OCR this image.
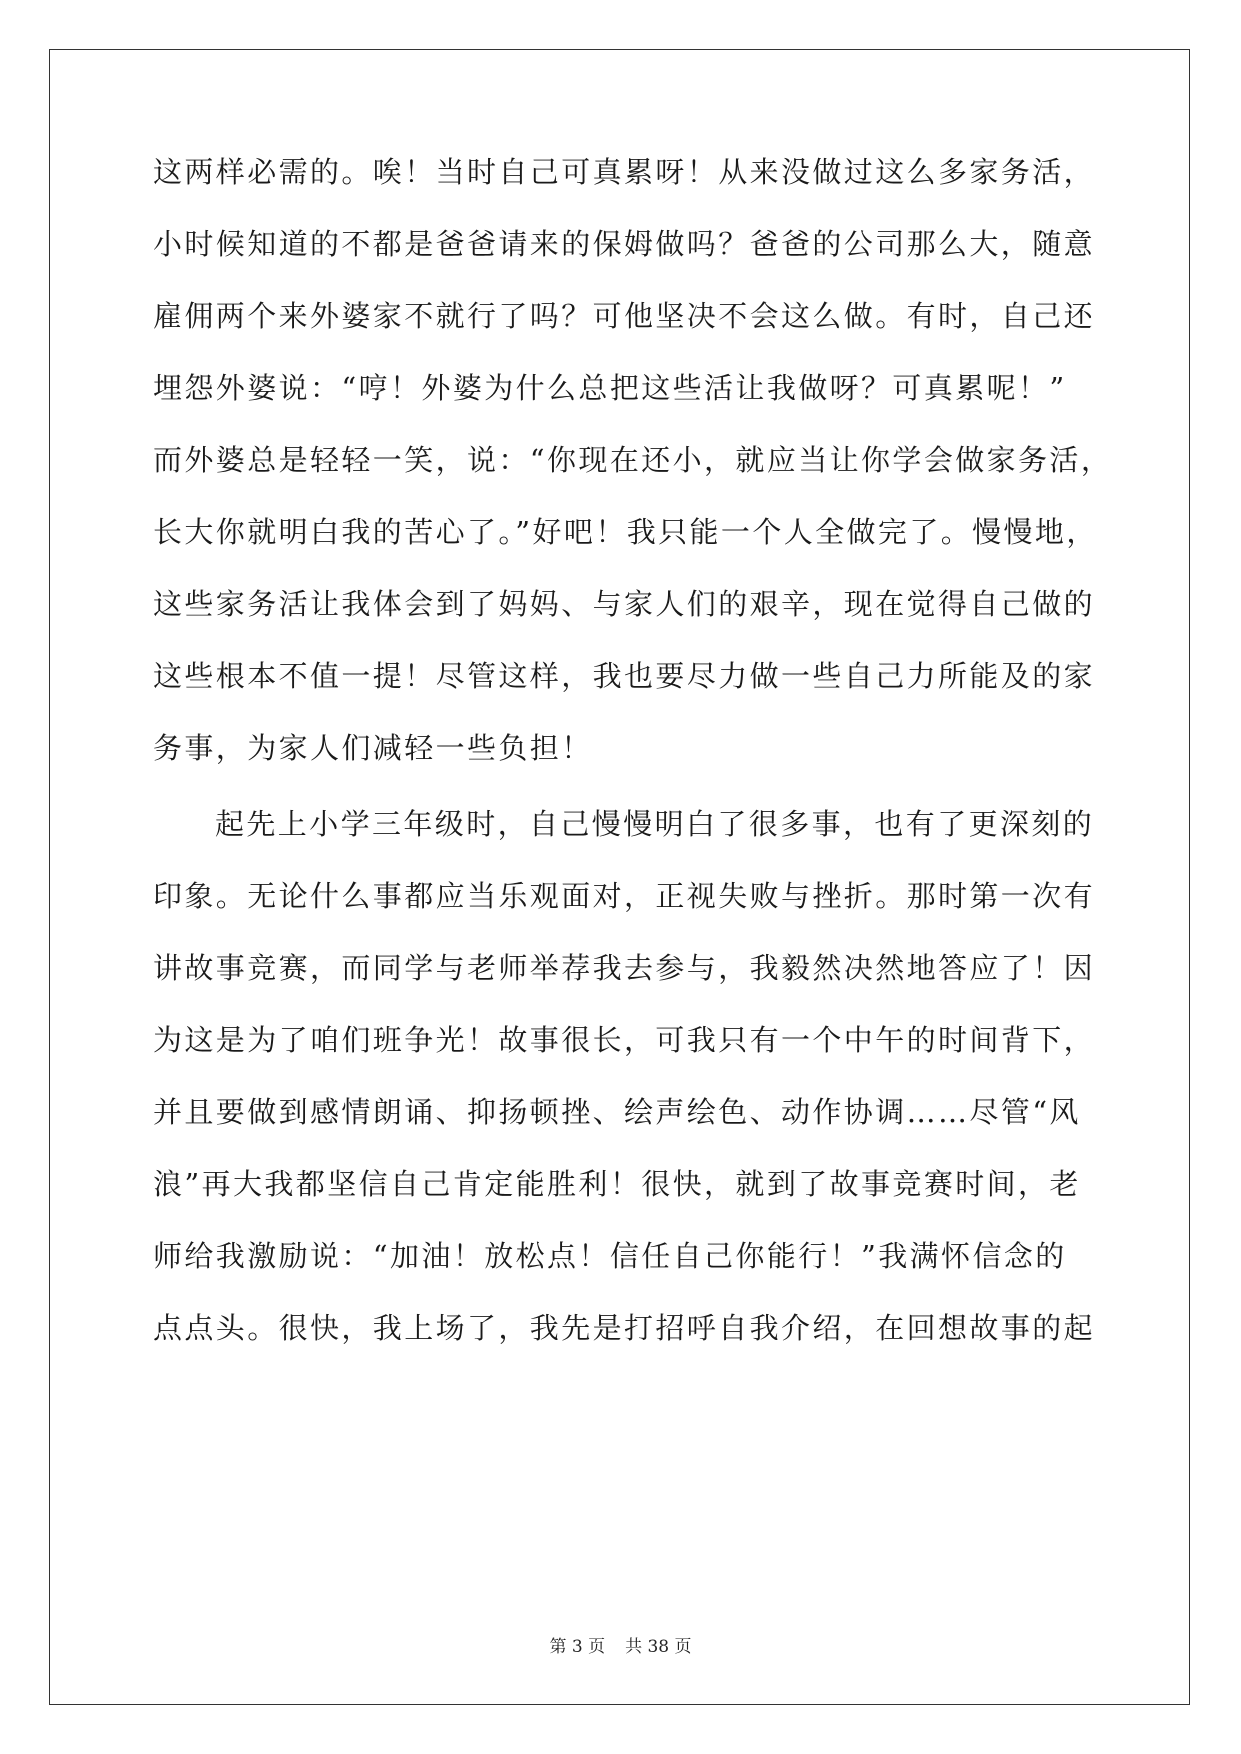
这两样必需的。唉！当时自己可真累呀！从来没做过这么多家务活，
小时候知道的不都是爸爸请来的保姆做吗？爸爸的公司那么大，随意
雇佣两个来外婆家不就行了吗？可他坚决不会这么做。有时，自己还
埋怨外婆说：“哼！外婆为什么总把这些活让我做呀？可真累呢！”
而外婆总是轻轻一笑，说：“你现在还小，就应当让你学会做家务活，
长大你就明白我的苦心了。”好吧！我只能一个人全做完了。慢慢地，
这些家务活让我体会到了妈妈、与家人们的艰辛，现在觉得自己做的
这些根本不值一提！尽管这样，我也要尽力做一些自己力所能及的家
务事，为家人们减轻一些负担！
起先上小学三年级时，自己慢慢明白了很多事，也有了更深刻的
印象。无论什么事都应当乐观面对，正视失败与挫折。那时第一次有
讲故事竞赛，而同学与老师举荐我去参与，我毅然决然地答应了！因
为这是为了咱们班争光！故事很长，可我只有一个中午的时间背下，
并且要做到感情朗诵、抑扬顿挫、绘声绘色、动作协调……尽管“风
浪”再大我都坚信自己肯定能胜利！很快，就到了故事竞赛时间，老
师给我激励说：“加油！放松点！信任自己你能行！”我满怀信念的
点点头。很快，我上场了，我先是打招呼自我介绍，在回想故事的起
第 3 页 共 38 页
